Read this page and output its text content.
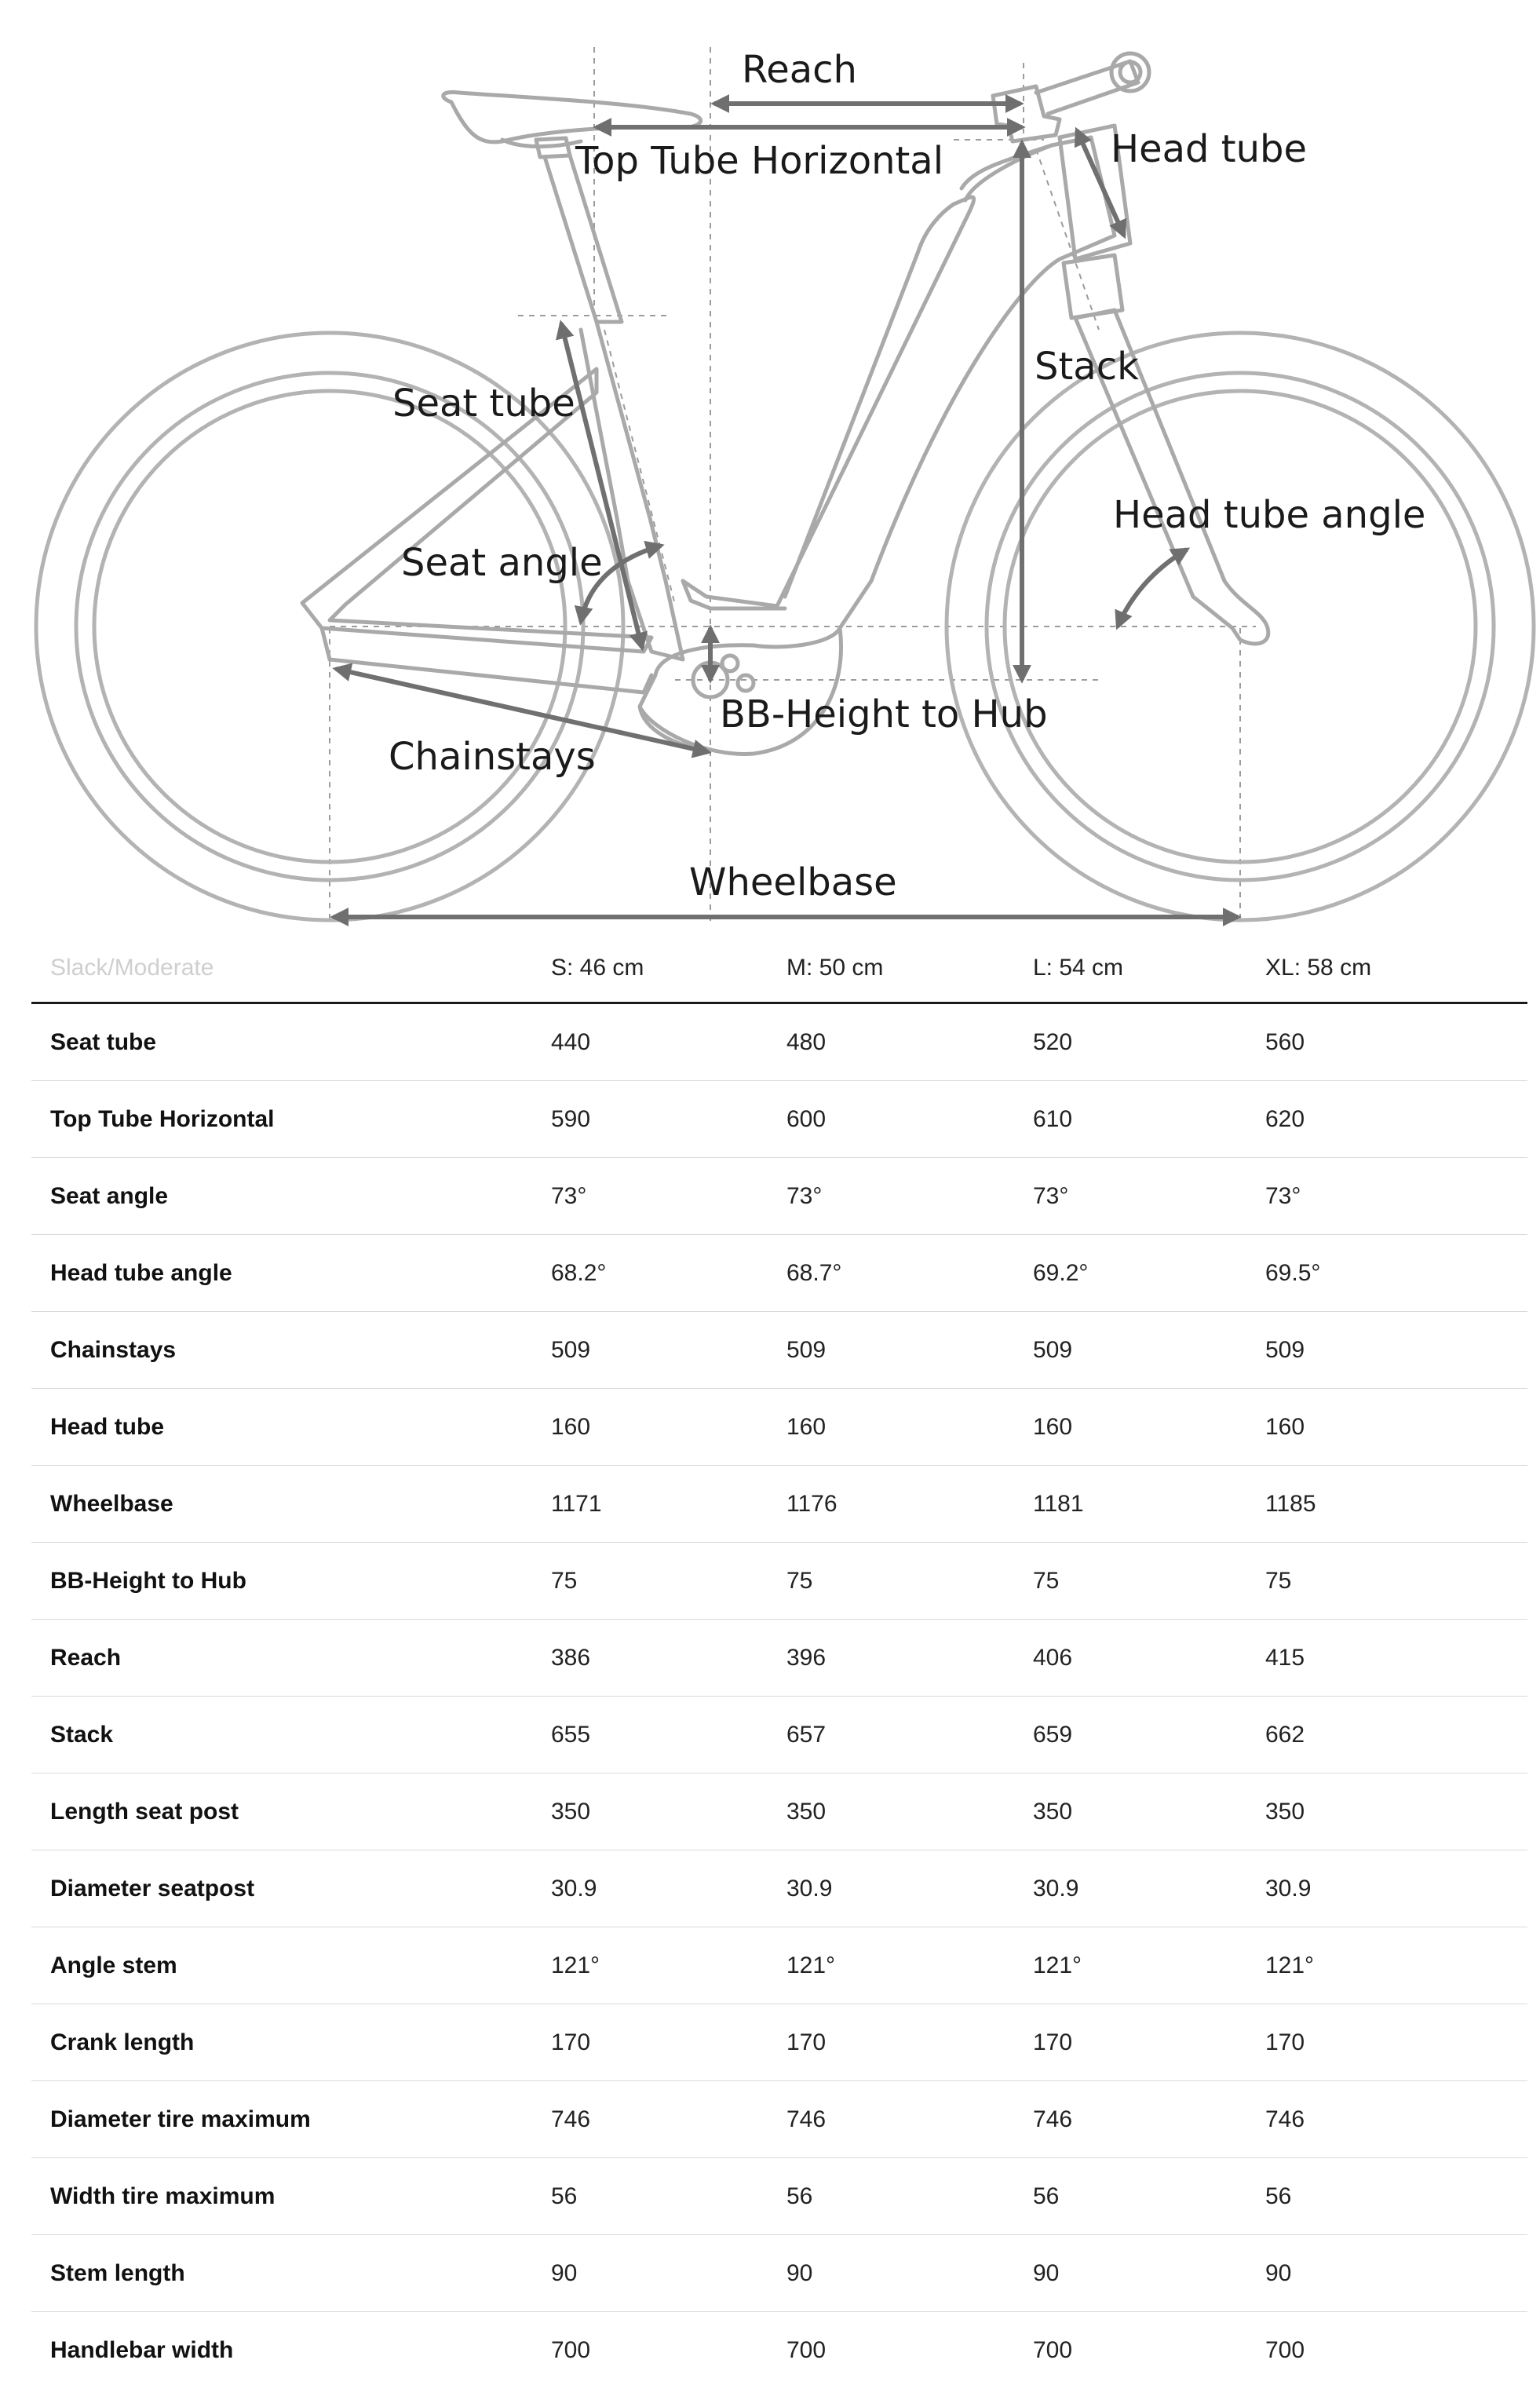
Reach
Top Tube Horizontal	Head tube
Stack
Seat tube
Head tube angle
Seat angle
BB-Height to Hub
Chainstays
Wheelbase
Slack/Moderate	S: 46 cm	M: 50 cm	L: 54 cm	XL: 58 cm
Seat tube	440	480	520	560
Top Tube Horizontal	590	600	610	620
Seat angle	73°	73°	73°	73°
Head tube angle	68.2°	68.7°	69.2°	69.5°
Chainstays	509	509	509	509
Head tube	160	160	160	160
Wheelbase	1171	1176	1181	1185
BB-Height to Hub	75	75	75	75
Reach	386	396	406	415
Stack	655	657	659	662
Length seat post	350	350	350	350
Diameter seatpost	30.9	30.9	30.9	30.9
Angle stem	121°	121°	121°	121°
Crank length	170	170	170	170
Diameter tire maximum	746	746	746	746
Width tire maximum	56	56	56	56
Stem length	90	90	90	90
Handlebar width	700	700	700	700
